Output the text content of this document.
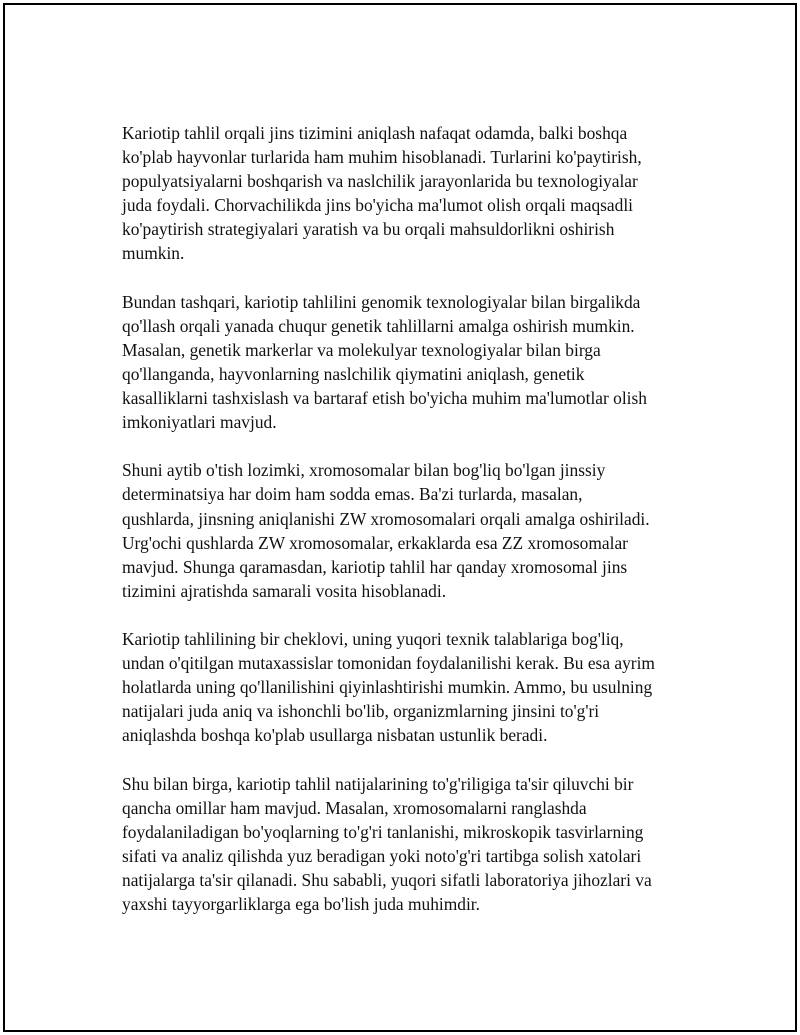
Kariotip tahlil orqali jins tizimini aniqlash nafaqat odamda, balki boshqa
ko'plab hayvonlar turlarida ham muhim hisoblanadi. Turlarini ko'paytirish,
populyatsiyalarni boshqarish va naslchilik jarayonlarida bu texnologiyalar
juda foydali. Chorvachilikda jins bo'yicha ma'lumot olish orqali maqsadli
ko'paytirish strategiyalari yaratish va bu orqali mahsuldorlikni oshirish
mumkin.

Bundan tashqari, kariotip tahlilini genomik texnologiyalar bilan birgalikda
qo'llash orqali yanada chuqur genetik tahlillarni amalga oshirish mumkin.
Masalan, genetik markerlar va molekulyar texnologiyalar bilan birga
qo'llanganda, hayvonlarning naslchilik qiymatini aniqlash, genetik
kasalliklarni tashxislash va bartaraf etish bo'yicha muhim ma'lumotlar olish
imkoniyatlari mavjud.

Shuni aytib o'tish lozimki, xromosomalar bilan bog'liq bo'lgan jinssiy
determinatsiya har doim ham sodda emas. Ba'zi turlarda, masalan,
qushlarda, jinsning aniqlanishi ZW xromosomalari orqali amalga oshiriladi.
Urg'ochi qushlarda ZW xromosomalar, erkaklarda esa ZZ xromosomalar
mavjud. Shunga qaramasdan, kariotip tahlil har qanday xromosomal jins
tizimini ajratishda samarali vosita hisoblanadi.

Kariotip tahlilining bir cheklovi, uning yuqori texnik talablariga bog'liq,
undan o'qitilgan mutaxassislar tomonidan foydalanilishi kerak. Bu esa ayrim
holatlarda uning qo'llanilishini qiyinlashtirishi mumkin. Ammo, bu usulning
natijalari juda aniq va ishonchli bo'lib, organizmlarning jinsini to'g'ri
aniqlashda boshqa ko'plab usullarga nisbatan ustunlik beradi.

Shu bilan birga, kariotip tahlil natijalarining to'g'riligiga ta'sir qiluvchi bir
qancha omillar ham mavjud. Masalan, xromosomalarni ranglashda
foydalaniladigan bo'yoqlarning to'g'ri tanlanishi, mikroskopik tasvirlarning
sifati va analiz qilishda yuz beradigan yoki noto'g'ri tartibga solish xatolari
natijalarga ta'sir qilanadi. Shu sababli, yuqori sifatli laboratoriya jihozlari va
yaxshi tayyorgarliklarga ega bo'lish juda muhimdir.
